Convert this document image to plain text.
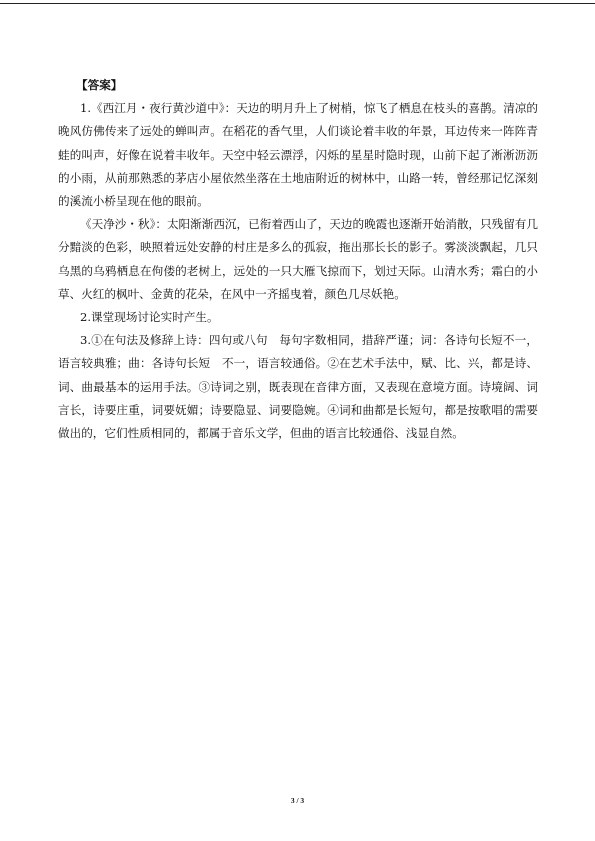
【答案】

1.《西江月・夜行黄沙道中》：天边的明月升上了树梢，惊飞了栖息在枝头的喜鹊。清凉的晚风仿佛传来了远处的蝉叫声。在稻花的香气里，人们谈论着丰收的年景，耳边传来一阵阵青蛙的叫声，好像在说着丰收年。天空中轻云漂浮，闪烁的星星时隐时现，山前下起了淅淅沥沥的小雨，从前那熟悉的茅店小屋依然坐落在土地庙附近的树林中，山路一转，曾经那记忆深刻的溪流小桥呈现在他的眼前。

《天净沙・秋》：太阳渐渐西沉，已衔着西山了，天边的晚霞也逐渐开始消散，只残留有几分黯淡的色彩，映照着远处安静的村庄是多么的孤寂，拖出那长长的影子。雾淡淡飘起，几只乌黑的乌鸦栖息在佝偻的老树上，远处的一只大雁飞掠而下，划过天际。山清水秀；霜白的小草、火红的枫叶、金黄的花朵，在风中一齐摇曳着，颜色几尽妖艳。

2.课堂现场讨论实时产生。

3.①在句法及修辞上诗：四句或八句　每句字数相同，措辞严谨；词：各诗句长短不一，语言较典雅；曲：各诗句长短　不一，语言较通俗。②在艺术手法中，赋、比、兴，都是诗、词、曲最基本的运用手法。③诗词之别，既表现在音律方面，又表现在意境方面。诗境阔、词言长，诗要庄重，词要妩媚；诗要隐显、词要隐婉。④词和曲都是长短句，都是按歌唱的需要做出的，它们性质相同的，都属于音乐文学，但曲的语言比较通俗、浅显自然。

3 / 3
